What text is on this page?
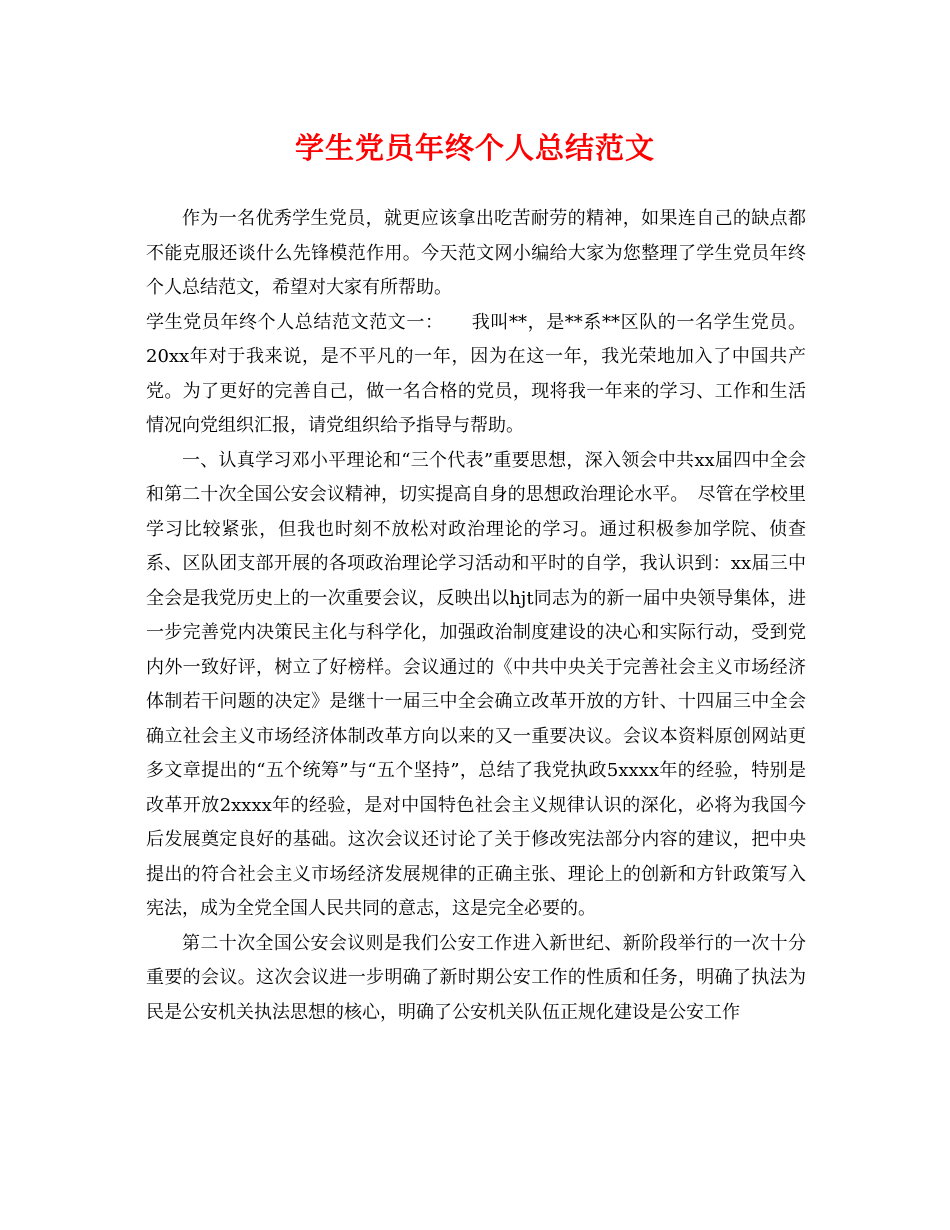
学生党员年终个人总结范文

作为一名优秀学生党员，就更应该拿出吃苦耐劳的精神，如果连自己的缺点都不能克服还谈什么先锋模范作用。今天范文网小编给大家为您整理了学生党员年终个人总结范文，希望对大家有所帮助。

学生党员年终个人总结范文范文一：　　我叫**，是**系**区队的一名学生党员。20xx年对于我来说，是不平凡的一年，因为在这一年，我光荣地加入了中国共产党。为了更好的完善自己，做一名合格的党员，现将我一年来的学习、工作和生活情况向党组织汇报，请党组织给予指导与帮助。

一、认真学习邓小平理论和“三个代表”重要思想，深入领会中共xx届四中全会和第二十次全国公安会议精神，切实提高自身的思想政治理论水平。　尽管在学校里学习比较紧张，但我也时刻不放松对政治理论的学习。通过积极参加学院、侦查系、区队团支部开展的各项政治理论学习活动和平时的自学，我认识到：xx届三中全会是我党历史上的一次重要会议，反映出以hjt同志为的新一届中央领导集体，进一步完善党内决策民主化与科学化，加强政治制度建设的决心和实际行动，受到党内外一致好评，树立了好榜样。会议通过的《中共中央关于完善社会主义市场经济体制若干问题的决定》是继十一届三中全会确立改革开放的方针、十四届三中全会确立社会主义市场经济体制改革方向以来的又一重要决议。会议本资料原创网站更多文章提出的“五个统筹”与“五个坚持”，总结了我党执政5xxxx年的经验，特别是改革开放2xxxx年的经验，是对中国特色社会主义规律认识的深化，必将为我国今后发展奠定良好的基础。这次会议还讨论了关于修改宪法部分内容的建议，把中央提出的符合社会主义市场经济发展规律的正确主张、理论上的创新和方针政策写入宪法，成为全党全国人民共同的意志，这是完全必要的。

第二十次全国公安会议则是我们公安工作进入新世纪、新阶段举行的一次十分重要的会议。这次会议进一步明确了新时期公安工作的性质和任务，明确了执法为民是公安机关执法思想的核心，明确了公安机关队伍正规化建设是公安工作
